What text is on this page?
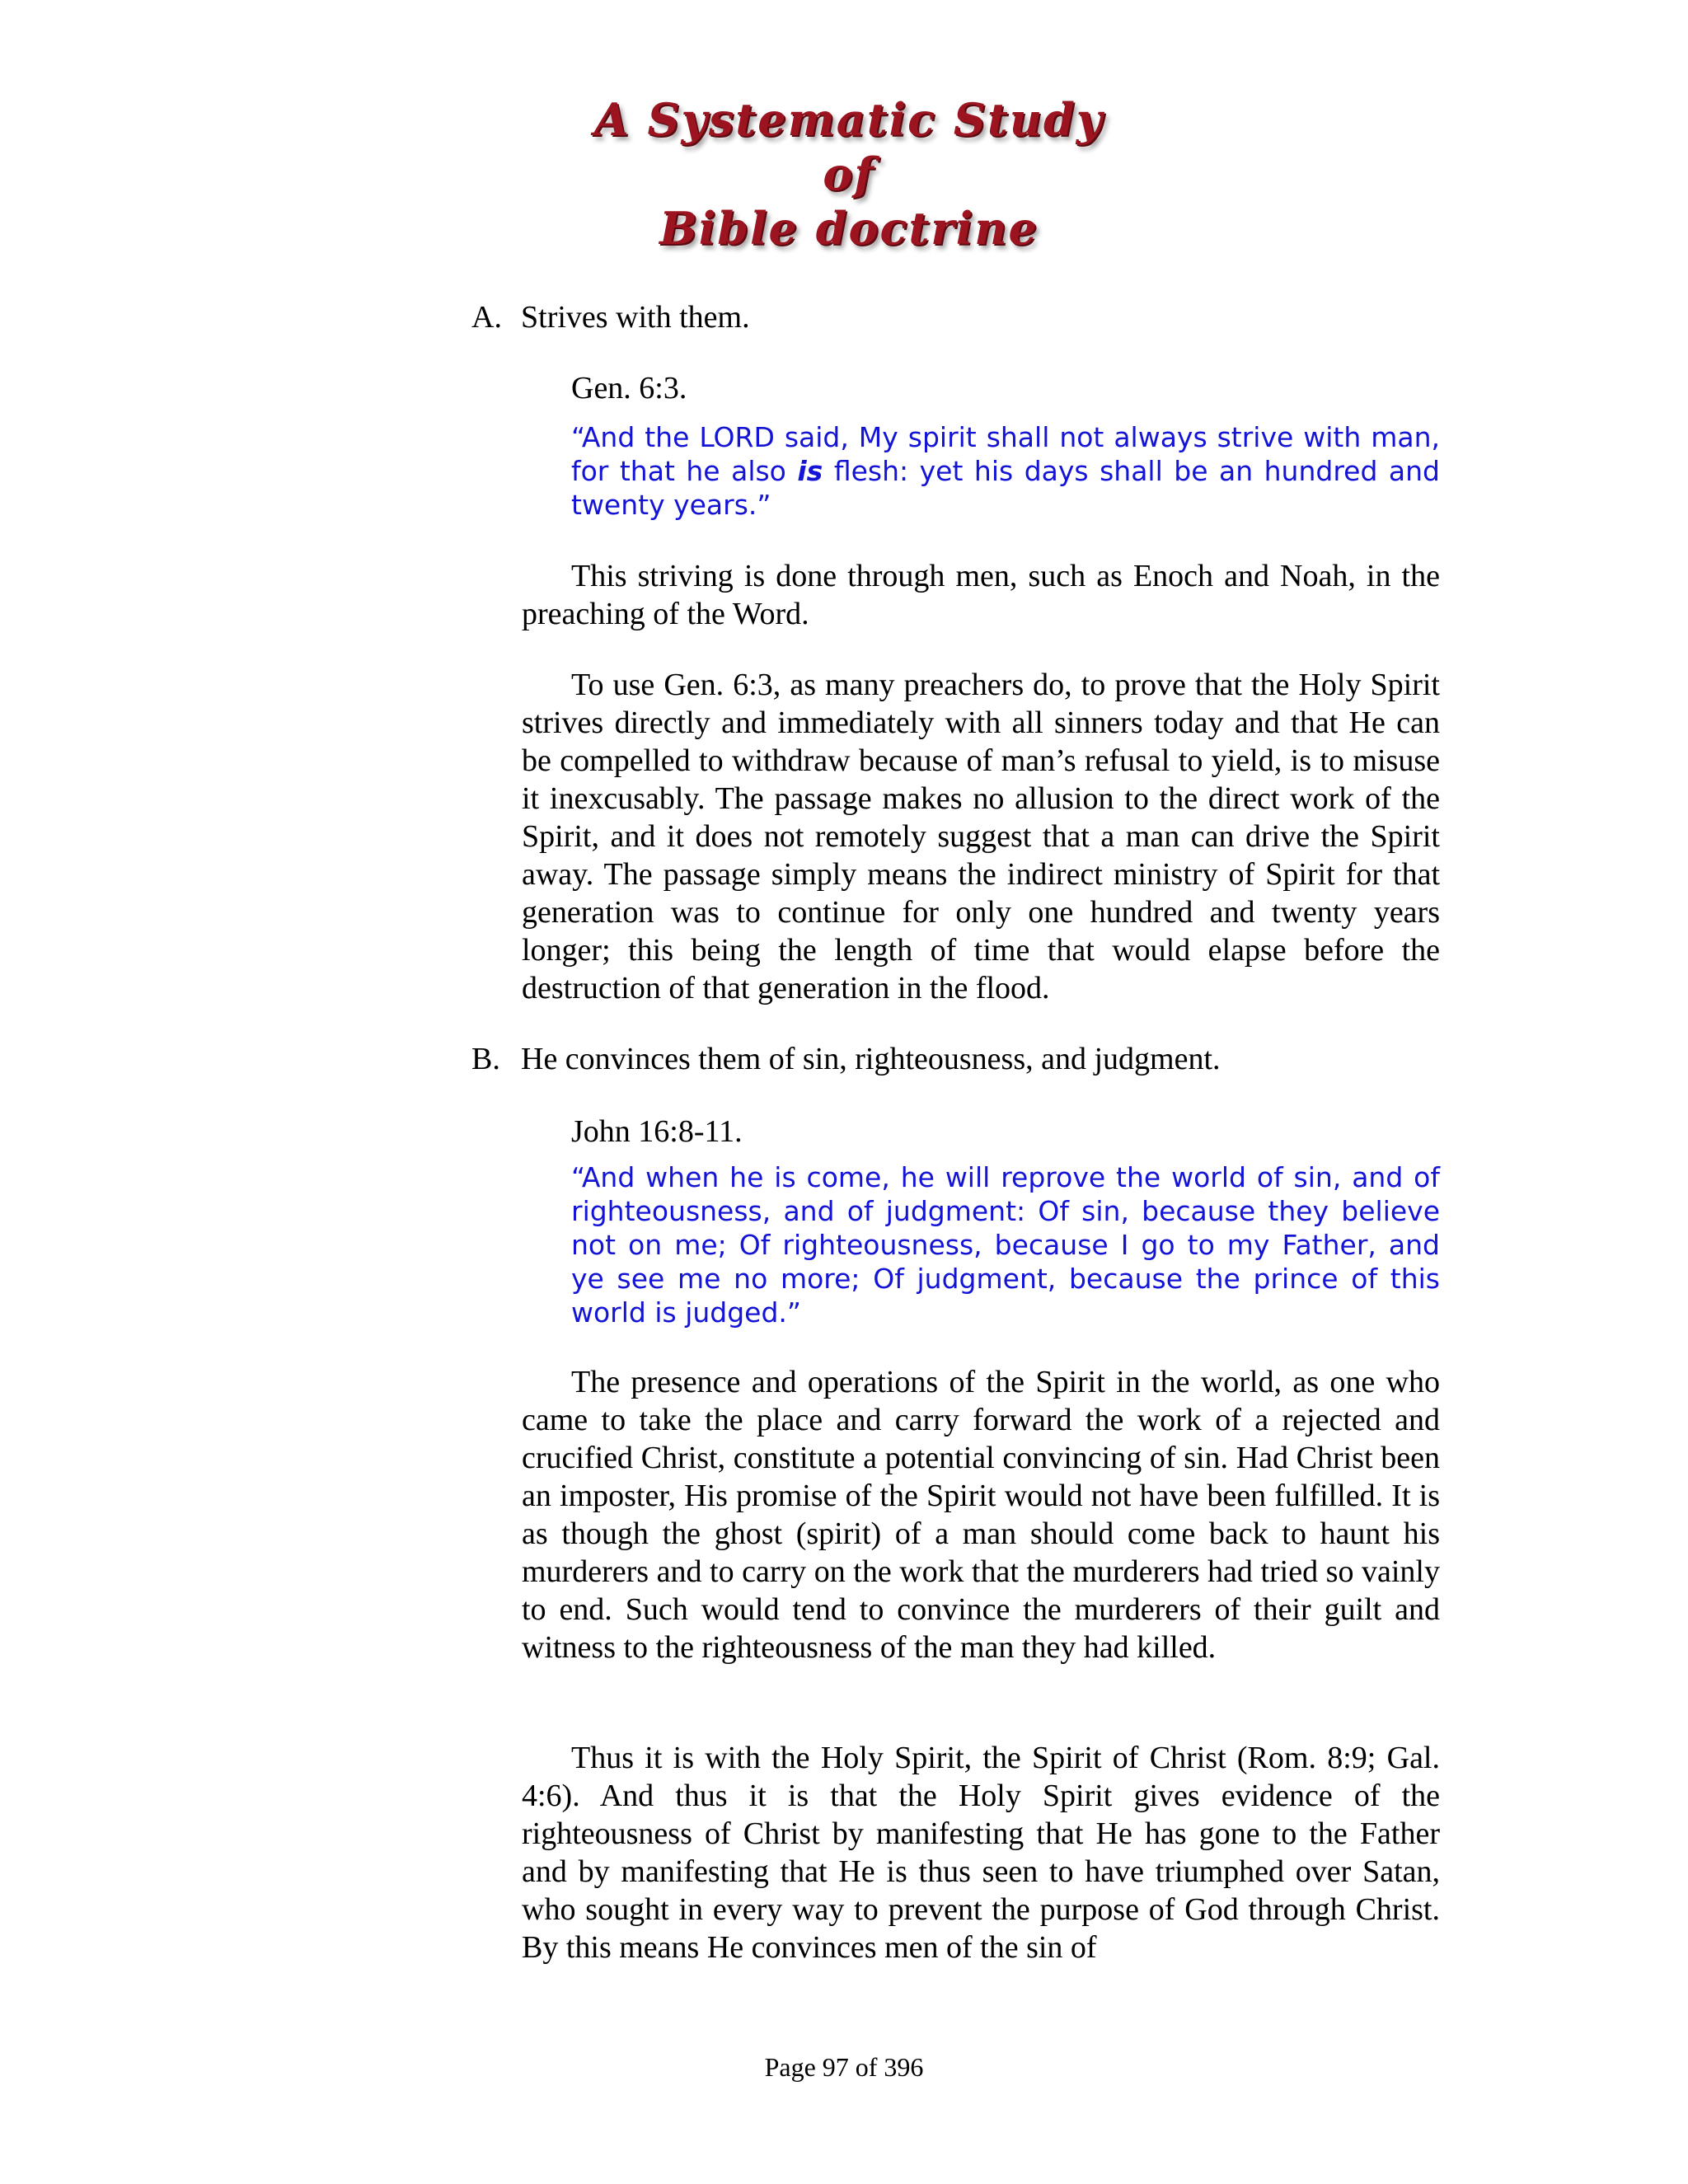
A Systematic Study of
Bible doctrine
A. Strives with them.
Gen. 6:3.
“And the LORD said, My spirit shall not always strive with man, for that he also is flesh: yet his days shall be an hundred and twenty years.”
This striving is done through men, such as Enoch and Noah, in the preaching of the Word.
To use Gen. 6:3, as many preachers do, to prove that the Holy Spirit strives directly and immediately with all sinners today and that He can be compelled to withdraw because of man’s refusal to yield, is to misuse it inexcusably. The passage makes no allusion to the direct work of the Spirit, and it does not remotely suggest that a man can drive the Spirit away. The passage simply means the indirect ministry of Spirit for that generation was to continue for only one hundred and twenty years longer; this being the length of time that would elapse before the destruction of that generation in the flood.
B. He convinces them of sin, righteousness, and judgment.
John 16:8-11.
“And when he is come, he will reprove the world of sin, and of righteousness, and of judgment: Of sin, because they believe not on me; Of righteousness, because I go to my Father, and ye see me no more; Of judgment, because the prince of this world is judged.”
The presence and operations of the Spirit in the world, as one who came to take the place and carry forward the work of a rejected and crucified Christ, constitute a potential convincing of sin. Had Christ been an imposter, His promise of the Spirit would not have been fulfilled. It is as though the ghost (spirit) of a man should come back to haunt his murderers and to carry on the work that the murderers had tried so vainly to end. Such would tend to convince the murderers of their guilt and witness to the righteousness of the man they had killed.
Thus it is with the Holy Spirit, the Spirit of Christ (Rom. 8:9; Gal. 4:6). And thus it is that the Holy Spirit gives evidence of the righteousness of Christ by manifesting that He has gone to the Father and by manifesting that He is thus seen to have triumphed over Satan, who sought in every way to prevent the purpose of God through Christ. By this means He convinces men of the sin of
Page 97 of 396
